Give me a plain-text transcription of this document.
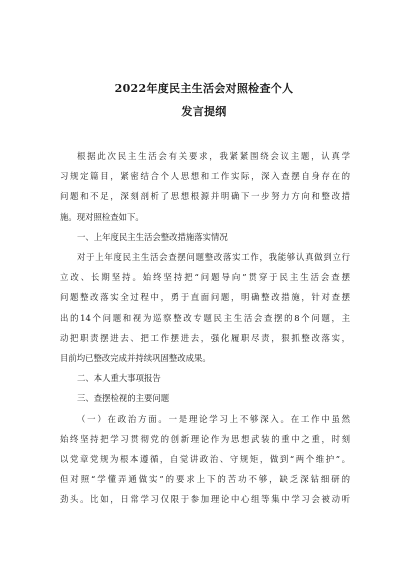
2022年度民主生活会对照检查个人
发言提纲

根据此次民主生活会有关要求，我紧紧围绕会议主题，认真学

习规定篇目，紧密结合个人思想和工作实际，深入查摆自身存在的

问题和不足，深刻剖析了思想根源并明确下一步努力方向和整改措

施。现对照检查如下。

一、上年度民主生活会整改措施落实情况

对于上年度民主生活会查摆问题整改落实工作，我能够认真做到立行

立改、长期坚持。始终坚持把“问题导向”贯穿于民主生活会查摆

问题整改落实全过程中，勇于直面问题，明确整改措施，针对查摆

出的14个问题和视为巡察整改专题民主生活会查摆的8个问题，主

动把职责摆进去、把工作摆进去，强化履职尽责，狠抓整改落实，

目前均已整改完成并持续巩固整改成果。

二、本人重大事项报告

三、查摆检视的主要问题

（一）在政治方面。一是理论学习上不够深入。在工作中虽然

始终坚持把学习贯彻党的创新理论作为思想武装的重中之重，时刻

以党章党规为根本遵循，自觉讲政治、守规矩，做到“两个维护”。

但对照“学懂弄通做实”的要求上下的苦功不够，缺乏深钻细研的

劲头。比如，日常学习仅限于参加理论中心组等集中学习会被动听
